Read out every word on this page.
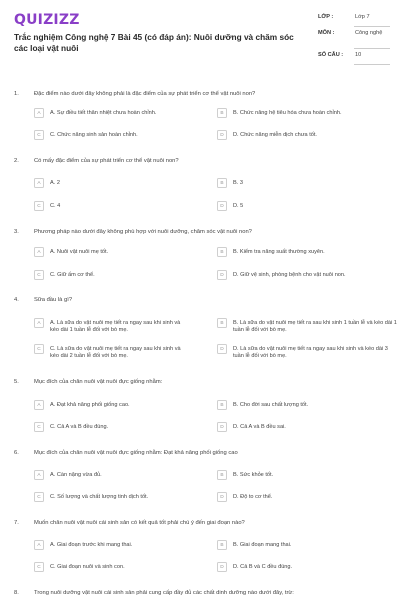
QUIZIZZ
Trắc nghiệm Công nghệ 7 Bài 45 (có đáp án): Nuôi dưỡng và chăm sóc các loại vật nuôi
LỚP :	Lớp 7
MÔN :	Công nghệ
SỐ CÂU : 10
1.	Đặc điểm nào dưới đây không phải là đặc điểm của sự phát triển cơ thể vật nuôi non?
A	A. Sự điều tiết thân nhiệt chưa hoàn chỉnh.	B	B. Chức năng hệ tiêu hóa chưa hoàn chỉnh.
C	C. Chức năng sinh sản hoàn chỉnh.	D	D. Chức năng miễn dịch chưa tốt.
2.	Có mấy đặc điểm của sự phát triển cơ thể vật nuôi non?
A	A. 2	B	B. 3
C	C. 4	D	D. 5
3.	Phương pháp nào dưới đây không phù hợp với nuôi dưỡng, chăm sóc vật nuôi non?
A	A. Nuôi vật nuôi mẹ tốt.	B	B. Kiểm tra năng suất thường xuyên.
C	C. Giữ ấm cơ thể.	D	D. Giữ vệ sinh, phòng bệnh cho vật nuôi non.
4.	Sữa đầu là gì?
A	A. Là sữa do vật nuôi mẹ tiết ra ngay sau khi sinh và kéo dài 1 tuần lễ đối với bò mẹ.
B	B. Là sữa do vật nuôi mẹ tiết ra sau khi sinh 1 tuần lễ và kéo dài 1 tuần lễ đối với bò mẹ.
C	C. Là sữa do vật nuôi mẹ tiết ra ngay sau khi sinh và kéo dài 2 tuần lễ đối với bò mẹ.
D	D. Là sữa do vật nuôi mẹ tiết ra ngay sau khi sinh và kéo dài 3 tuần lễ đối với bò mẹ.
5.	Mục đích của chăn nuôi vật nuôi đực giống nhằm:
A	A. Đạt khả năng phối giống cao.	B	B. Cho đời sau chất lượng tốt.
C	C. Cả A và B đều đúng.	D	D. Cả A và B đều sai.
6.	Mục đích của chăn nuôi vật nuôi đực giống nhằm: Đạt khả năng phối giống cao
A	A. Càn nặng vừa đủ.	B	B. Sức khỏe tốt.
C	C. Số lượng và chất lượng tinh dịch tốt.	D	D. Độ to cơ thể.
7.	Muốn chăn nuôi vật nuôi cái sinh sản có kết quả tốt phải chú ý đến giai đoạn nào?
A	A. Giai đoạn trước khi mang thai.	B	B. Giai đoạn mang thai.
C	C. Giai đoạn nuôi và sinh con.	D	D. Cả B và C đều đúng.
8.	Trong nuôi dưỡng vật nuôi cái sinh sản phải cung cấp đầy đủ các chất dinh dưỡng nào dưới đây, trừ:
